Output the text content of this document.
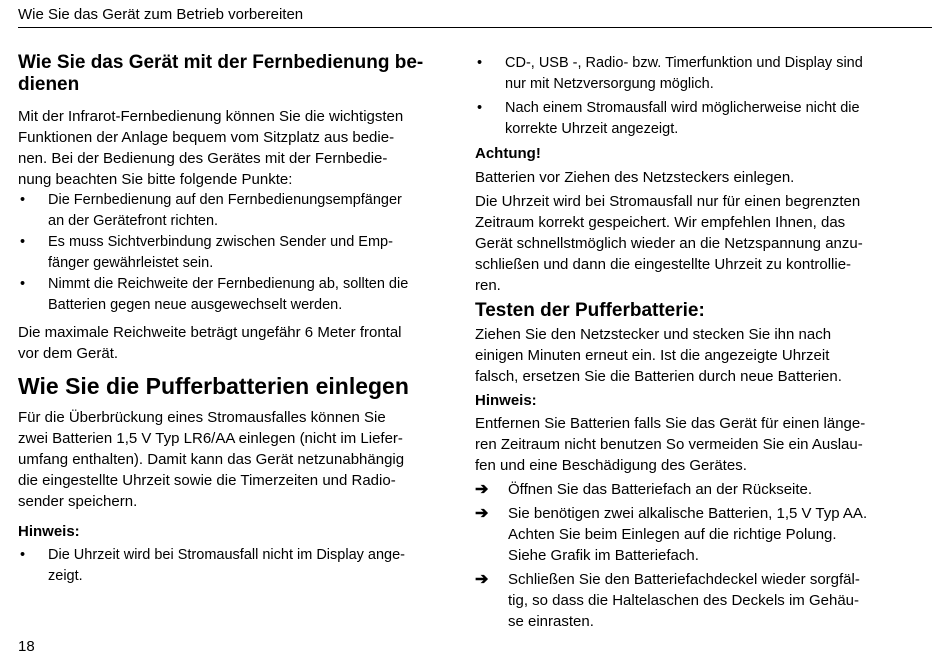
Wie Sie das Gerät zum Betrieb vorbereiten
Wie Sie das Gerät mit der Fernbedienung be-
dienen

Mit der Infrarot-Fernbedienung können Sie die wichtigsten
Funktionen der Anlage bequem vom Sitzplatz aus bedie-
nen. Bei der Bedienung des Gerätes mit der Fernbedie-
nung beachten Sie bitte folgende Punkte:

• Die Fernbedienung auf den Fernbedienungsempfänger
an der Gerätefront richten.
• Es muss Sichtverbindung zwischen Sender und Emp-
fänger gewährleistet sein.
• Nimmt die Reichweite der Fernbedienung ab, sollten die
Batterien gegen neue ausgewechselt werden.

Die maximale Reichweite beträgt ungefähr 6 Meter frontal
vor dem Gerät.

Wie Sie die Pufferbatterien einlegen

Für die Überbrückung eines Stromausfalles können Sie
zwei Batterien 1,5 V Typ LR6/AA einlegen (nicht im Liefer-
umfang enthalten). Damit kann das Gerät netzunabhängig
die eingestellte Uhrzeit sowie die Timerzeiten und Radio-
sender speichern.

Hinweis:

• Die Uhrzeit wird bei Stromausfall nicht im Display ange-
zeigt.
• CD-, USB -, Radio- bzw. Timerfunktion und Display sind
nur mit Netzversorgung möglich.
• Nach einem Stromausfall wird möglicherweise nicht die
korrekte Uhrzeit angezeigt.

Achtung!

Batterien vor Ziehen des Netzsteckers einlegen.

Die Uhrzeit wird bei Stromausfall nur für einen begrenzten
Zeitraum korrekt gespeichert. Wir empfehlen Ihnen, das
Gerät schnellstmöglich wieder an die Netzspannung anzu-
schließen und dann die eingestellte Uhrzeit zu kontrollie-
ren.

Testen der Pufferbatterie:

Ziehen Sie den Netzstecker und stecken Sie ihn nach
einigen Minuten erneut ein. Ist die angezeigte Uhrzeit
falsch, ersetzen Sie die Batterien durch neue Batterien.

Hinweis:

Entfernen Sie Batterien falls Sie das Gerät für einen länge-
ren Zeitraum nicht benutzen So vermeiden Sie ein Auslau-
fen und eine Beschädigung des Gerätes.

➔ Öffnen Sie das Batteriefach an der Rückseite.
➔ Sie benötigen zwei alkalische Batterien, 1,5 V Typ AA.
Achten Sie beim Einlegen auf die richtige Polung.
Siehe Grafik im Batteriefach.
➔ Schließen Sie den Batteriefachdeckel wieder sorgfäl-
tig, so dass die Haltelaschen des Deckels im Gehäu-
se einrasten.
18
